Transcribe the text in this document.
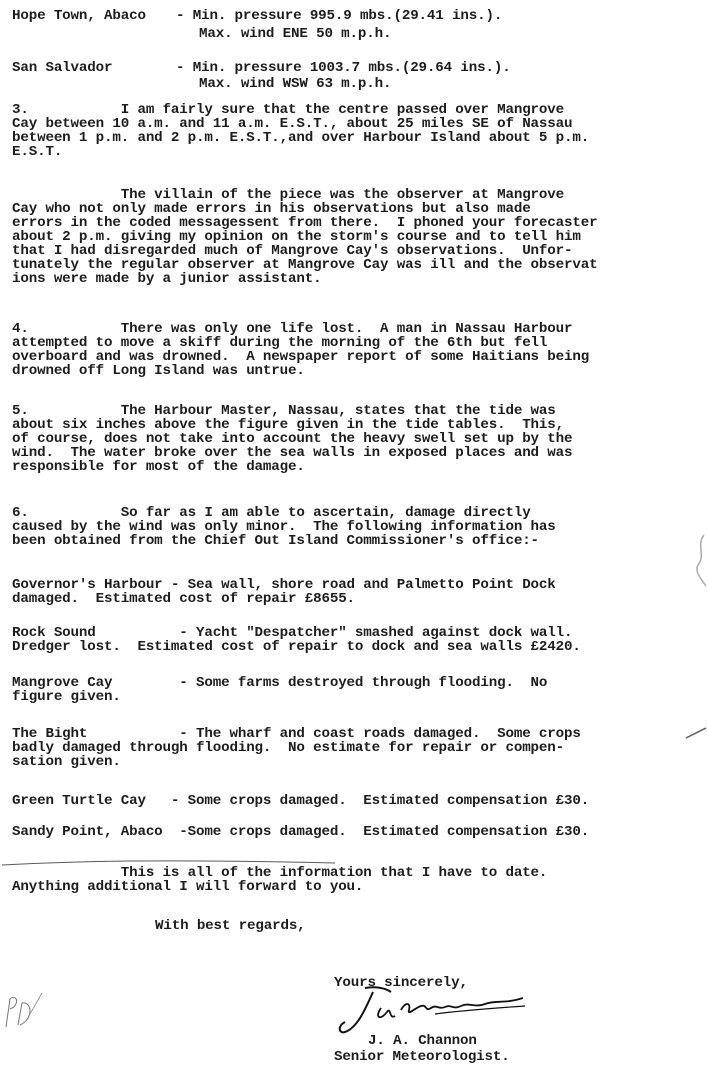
Hope Town, Abaco - Min. pressure 995.9 mbs.(29.41 ins.).
Max. wind ENE 50 m.p.h.
San Salvador	- Min. pressure 1003.7 mbs.(29.64 ins.).
Max. wind WSW 63 m.p.h.
3.           I am fairly sure that the centre passed over Mangrove
Cay between 10 a.m. and 11 a.m. E.S.T., about 25 miles SE of Nassau
between 1 p.m. and 2 p.m. E.S.T.,and over Harbour Island about 5 p.m.
E.S.T.
The villain of the piece was the observer at Mangrove
Cay who not only made errors in his observations but also made
errors in the coded messagessent from there.  I phoned your forecaster
about 2 p.m. giving my opinion on the storm's course and to tell him
that I had disregarded much of Mangrove Cay's observations.  Unfor-
tunately the regular observer at Mangrove Cay was ill and the observat
ions were made by a junior assistant.
4.           There was only one life lost.  A man in Nassau Harbour
attempted to move a skiff during the morning of the 6th but fell
overboard and was drowned.  A newspaper report of some Haitians being
drowned off Long Island was untrue.
5.           The Harbour Master, Nassau, states that the tide was
about six inches above the figure given in the tide tables.  This,
of course, does not take into account the heavy swell set up by the
wind.  The water broke over the sea walls in exposed places and was
responsible for most of the damage.
6.           So far as I am able to ascertain, damage directly
caused by the wind was only minor.  The following information has
been obtained from the Chief Out Island Commissioner's office:-
Governor's Harbour - Sea wall, shore road and Palmetto Point Dock
damaged.  Estimated cost of repair £8655.
Rock Sound          - Yacht "Despatcher" smashed against dock wall.
Dredger lost.  Estimated cost of repair to dock and sea walls £2420.
Mangrove Cay        - Some farms destroyed through flooding.  No
figure given.
The Bight           - The wharf and coast roads damaged.  Some crops
badly damaged through flooding.  No estimate for repair or compen-
sation given.
Green Turtle Cay   - Some crops damaged.  Estimated compensation £30.
Sandy Point, Abaco  -Some crops damaged.  Estimated compensation £30.
This is all of the information that I have to date.
Anything additional I will forward to you.
With best regards,
Yours sincerely,
J. A. Channon
Senior Meteorologist.
